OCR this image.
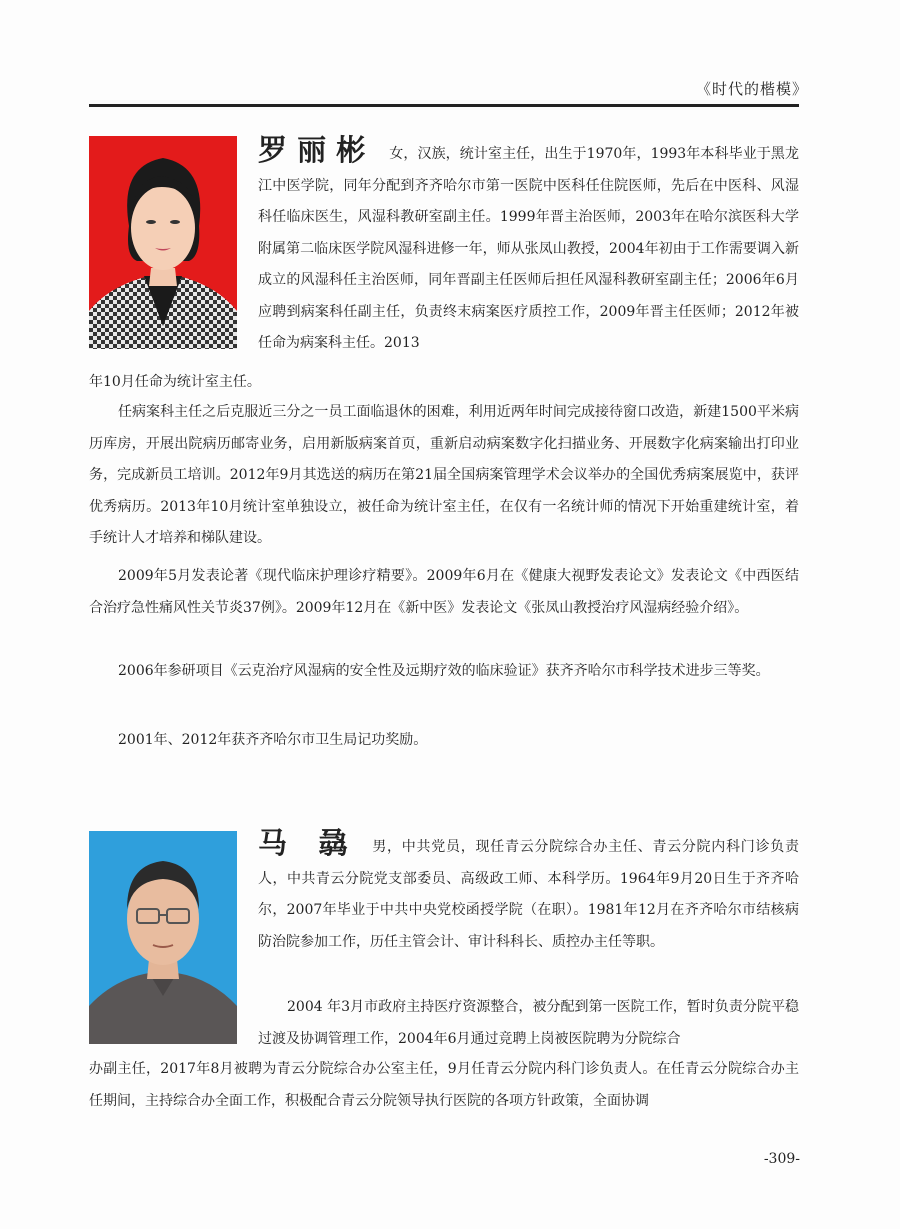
《时代的楷模》

罗丽彬 女，汉族，统计室主任，出生于1970年，1993年本科毕业于黑龙江中医学院，同年分配到齐齐哈尔市第一医院中医科任住院医师，先后在中医科、风湿科任临床医生，风湿科教研室副主任。1999年晋主治医师，2003年在哈尔滨医科大学附属第二临床医学院风湿科进修一年，师从张凤山教授，2004年初由于工作需要调入新成立的风湿科任主治医师，同年晋副主任医师后担任风湿科教研室副主任；2006年6月应聘到病案科任副主任，负责终末病案医疗质控工作，2009年晋主任医师；2012年被任命为病案科主任。2013

年10月任命为统计室主任。

任病案科主任之后克服近三分之一员工面临退休的困难，利用近两年时间完成接待窗口改造，新建1500平米病历库房，开展出院病历邮寄业务，启用新版病案首页，重新启动病案数字化扫描业务、开展数字化病案输出打印业务，完成新员工培训。2012年9月其选送的病历在第21届全国病案管理学术会议举办的全国优秀病案展览中，获评优秀病历。2013年10月统计室单独设立，被任命为统计室主任，在仅有一名统计师的情况下开始重建统计室，着手统计人才培养和梯队建设。

2009年5月发表论著《现代临床护理诊疗精要》。2009年6月在《健康大视野发表论文》发表论文《中西医结合治疗急性痛风性关节炎37例》。2009年12月在《新中医》发表论文《张凤山教授治疗风湿病经验介绍》。

2006年参研项目《云克治疗风湿病的安全性及远期疗效的临床验证》获齐齐哈尔市科学技术进步三等奖。

2001年、2012年获齐齐哈尔市卫生局记功奖励。

马 骉 男，中共党员，现任青云分院综合办主任、青云分院内科门诊负责人，中共青云分院党支部委员、高级政工师、本科学历。1964年9月20日生于齐齐哈尔，2007年毕业于中共中央党校函授学院（在职）。1981年12月在齐齐哈尔市结核病防治院参加工作，历任主管会计、审计科科长、质控办主任等职。

2004 年3月市政府主持医疗资源整合，被分配到第一医院工作，暂时负责分院平稳过渡及协调管理工作，2004年6月通过竞聘上岗被医院聘为分院综合

办副主任，2017年8月被聘为青云分院综合办公室主任，9月任青云分院内科门诊负责人。在任青云分院综合办主任期间，主持综合办全面工作，积极配合青云分院领导执行医院的各项方针政策，全面协调

-309-
